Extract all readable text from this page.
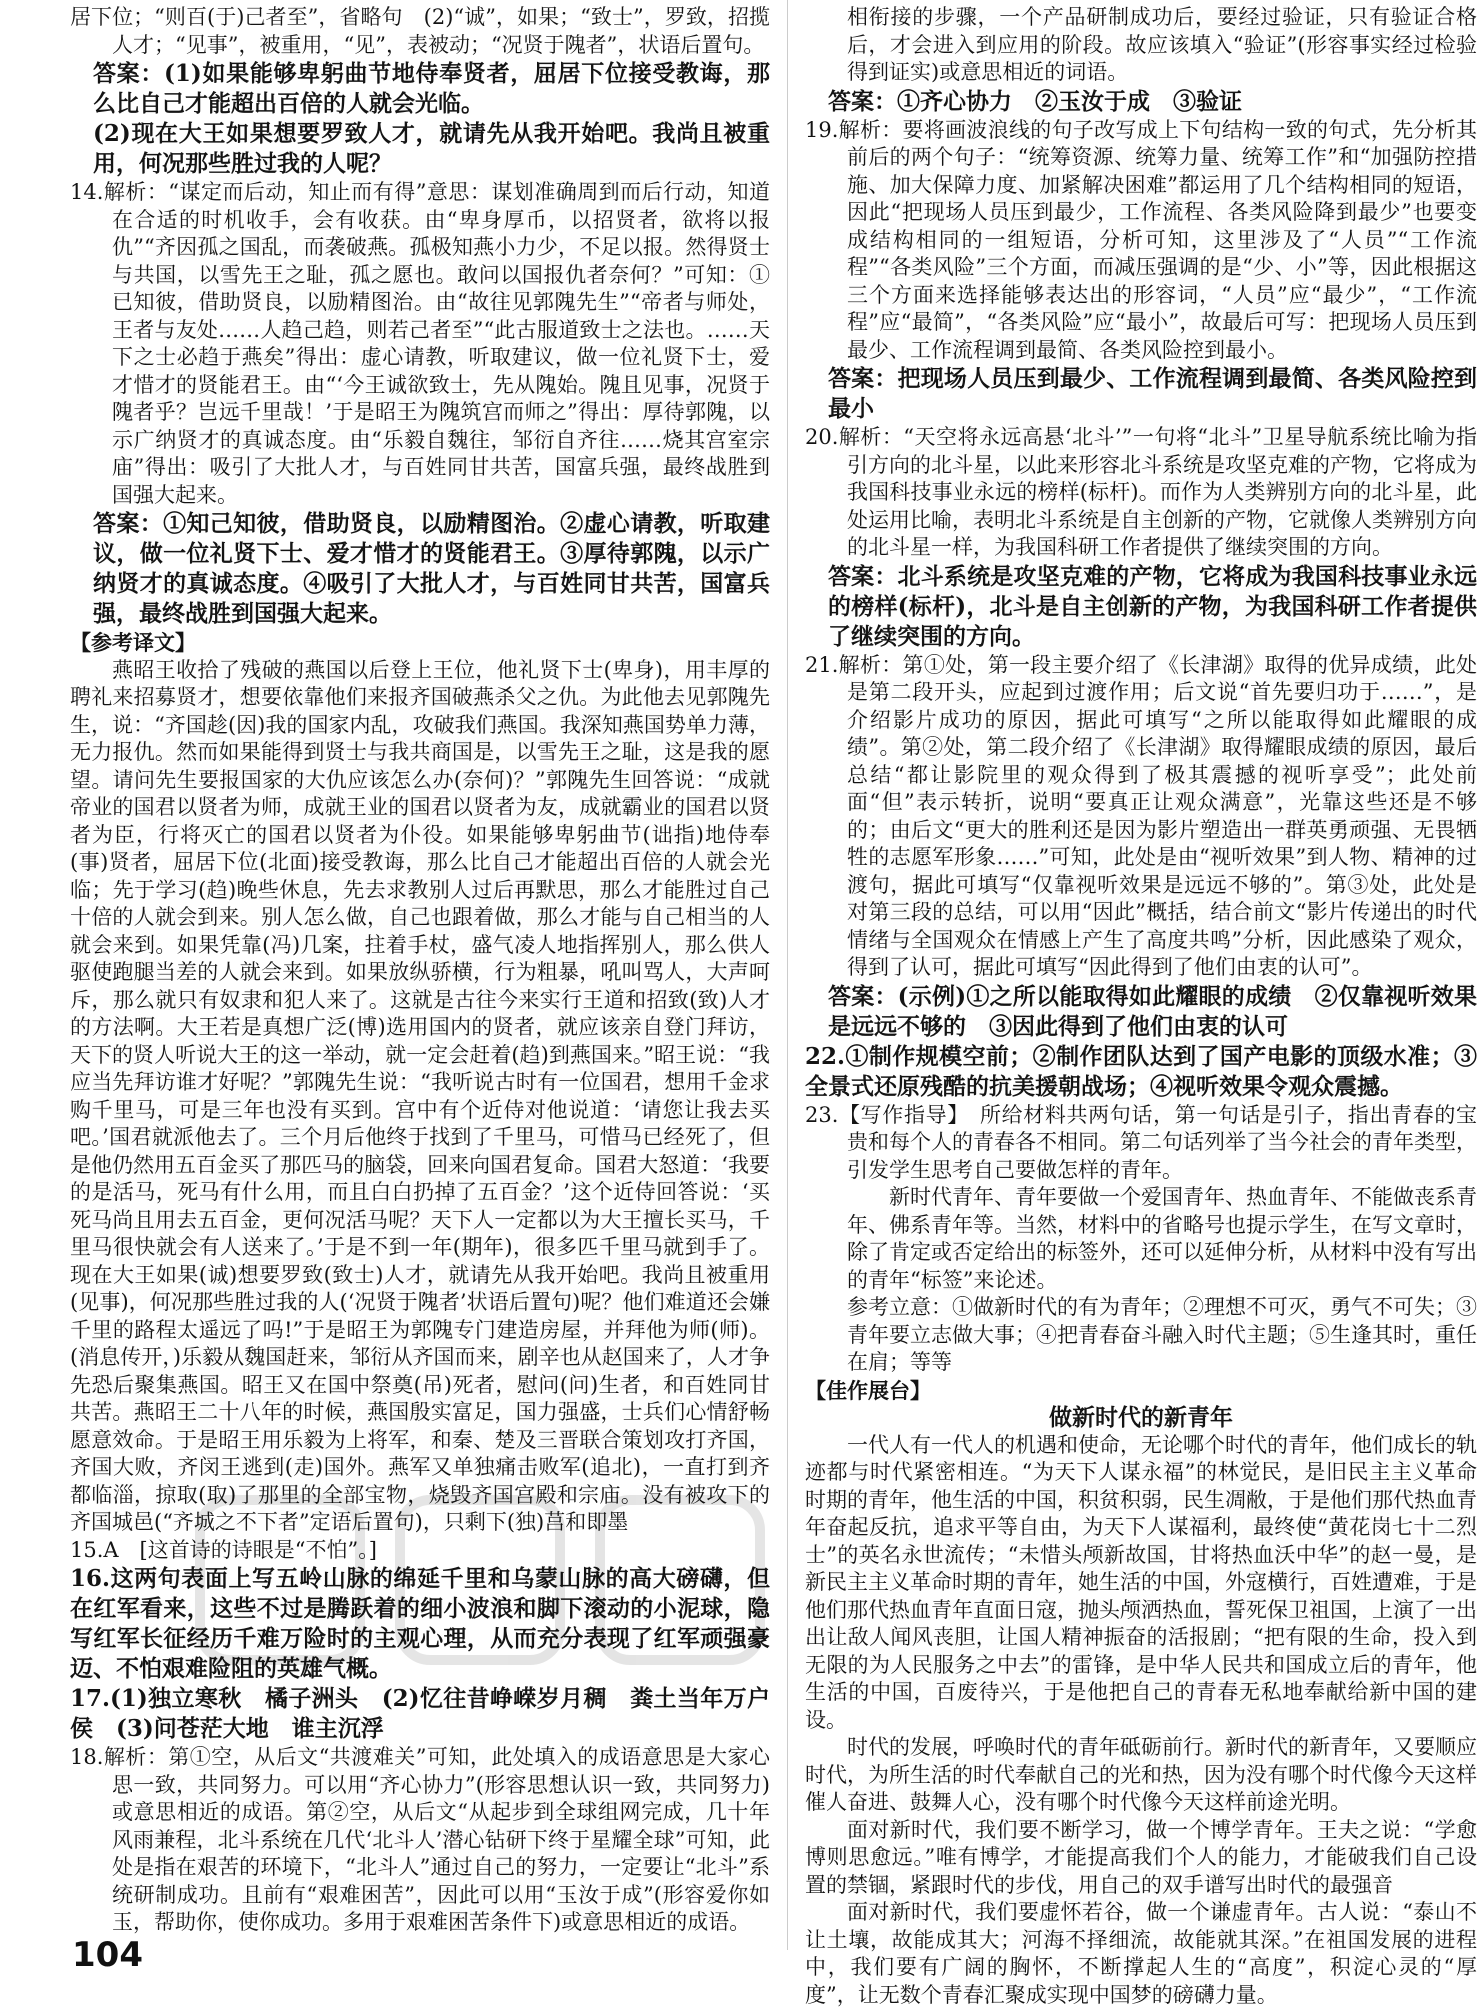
居下位；“则百(于)己者至”，省略句　(2)“诚”，如果；“致士”，罗致，招揽人才；“见事”，被重用，“见”，表被动；“况贤于隗者”，状语后置句。

答案：(1)如果能够卑躬曲节地侍奉贤者，屈居下位接受教诲，那么比自己才能超出百倍的人就会光临。

(2)现在大王如果想要罗致人才，就请先从我开始吧。我尚且被重用，何况那些胜过我的人呢？

14.解析：“谋定而后动，知止而有得”意思：谋划准确周到而后行动，知道在合适的时机收手，会有收获。由“卑身厚币，以招贤者，欲将以报仇”“齐因孤之国乱，而袭破燕。孤极知燕小力少，不足以报。然得贤士与共国，以雪先王之耻，孤之愿也。敢问以国报仇者奈何？”可知：①已知彼，借助贤良，以励精图治。由“故往见郭隗先生”“帝者与师处，王者与友处……人趋己趋，则若己者至”“此古服道致士之法也。……天下之士必趋于燕矣”得出：虚心请教，听取建议，做一位礼贤下士，爱才惜才的贤能君王。由“‘今王诚欲致士，先从隗始。隗且见事，况贤于隗者乎？岂远千里哉！’于是昭王为隗筑宫而师之”得出：厚待郭隗，以示广纳贤才的真诚态度。由“乐毅自魏往，邹衍自齐往……烧其宫室宗庙”得出：吸引了大批人才，与百姓同甘共苦，国富兵强，最终战胜到国强大起来。

答案：①知己知彼，借助贤良，以励精图治。②虚心请教，听取建议，做一位礼贤下士、爱才惜才的贤能君王。③厚待郭隗，以示广纳贤才的真诚态度。④吸引了大批人才，与百姓同甘共苦，国富兵强，最终战胜到国强大起来。

【参考译文】

燕昭王收拾了残破的燕国以后登上王位，他礼贤下士(卑身)，用丰厚的聘礼来招募贤才，想要依靠他们来报齐国破燕杀父之仇。为此他去见郭隗先生，说：“齐国趁(因)我的国家内乱，攻破我们燕国。我深知燕国势单力薄，无力报仇。然而如果能得到贤士与我共商国是，以雪先王之耻，这是我的愿望。请问先生要报国家的大仇应该怎么办(奈何)？”郭隗先生回答说：“成就帝业的国君以贤者为师，成就王业的国君以贤者为友，成就霸业的国君以贤者为臣，行将灭亡的国君以贤者为仆役。如果能够卑躬曲节(诎指)地侍奉(事)贤者，屈居下位(北面)接受教诲，那么比自己才能超出百倍的人就会光临；先于学习(趋)晚些休息，先去求教别人过后再默思，那么才能胜过自己十倍的人就会到来。别人怎么做，自己也跟着做，那么才能与自己相当的人就会来到。如果凭靠(冯)几案，拄着手杖，盛气凌人地指挥别人，那么供人驱使跑腿当差的人就会来到。如果放纵骄横，行为粗暴，吼叫骂人，大声呵斥，那么就只有奴隶和犯人来了。这就是古往今来实行王道和招致(致)人才的方法啊。大王若是真想广泛(博)选用国内的贤者，就应该亲自登门拜访，天下的贤人听说大王的这一举动，就一定会赶着(趋)到燕国来。”昭王说：“我应当先拜访谁才好呢？”郭隗先生说：“我听说古时有一位国君，想用千金求购千里马，可是三年也没有买到。宫中有个近侍对他说道：‘请您让我去买吧。’国君就派他去了。三个月后他终于找到了千里马，可惜马已经死了，但是他仍然用五百金买了那匹马的脑袋，回来向国君复命。国君大怒道：‘我要的是活马，死马有什么用，而且白白扔掉了五百金？’这个近侍回答说：‘买死马尚且用去五百金，更何况活马呢？天下人一定都以为大王擅长买马，千里马很快就会有人送来了。’于是不到一年(期年)，很多匹千里马就到手了。现在大王如果(诚)想要罗致(致士)人才，就请先从我开始吧。我尚且被重用(见事)，何况那些胜过我的人(‘况贤于隗者’状语后置句)呢？他们难道还会嫌千里的路程太遥远了吗!”于是昭王为郭隗专门建造房屋，并拜他为师(师)。(消息传开，)乐毅从魏国赶来，邹衍从齐国而来，剧辛也从赵国来了，人才争先恐后聚集燕国。昭王又在国中祭奠(吊)死者，慰问(问)生者，和百姓同甘共苦。燕昭王二十八年的时候，燕国殷实富足，国力强盛，士兵们心情舒畅愿意效命。于是昭王用乐毅为上将军，和秦、楚及三晋联合策划攻打齐国，齐国大败，齐闵王逃到(走)国外。燕军又单独痛击败军(追北)，一直打到齐都临淄，掠取(取)了那里的全部宝物，烧毁齐国宫殿和宗庙。没有被攻下的齐国城邑(“齐城之不下者”定语后置句)，只剩下(独)莒和即墨

15.A　[这首诗的诗眼是“不怕”。]

16.这两句表面上写五岭山脉的绵延千里和乌蒙山脉的高大磅礴，但在红军看来，这些不过是腾跃着的细小波浪和脚下滚动的小泥球，隐写红军长征经历千难万险时的主观心理，从而充分表现了红军顽强豪迈、不怕艰难险阻的英雄气概。

17.(1)独立寒秋　橘子洲头　(2)忆往昔峥嵘岁月稠　粪土当年万户侯　(3)问苍茫大地　谁主沉浮

18.解析：第①空，从后文“共渡难关”可知，此处填入的成语意思是大家心思一致，共同努力。可以用“齐心协力”(形容思想认识一致，共同努力)或意思相近的成语。第②空，从后文“从起步到全球组网完成，几十年风雨兼程，北斗系统在几代‘北斗人’潜心钻研下终于星耀全球”可知，此处是指在艰苦的环境下，“北斗人”通过自己的努力，一定要让“北斗”系统研制成功。且前有“艰难困苦”，因此可以用“玉汝于成”(形容爱你如玉，帮助你，使你成功。多用于艰难困苦条件下)或意思相近的成语。

相衔接的步骤，一个产品研制成功后，要经过验证，只有验证合格后，才会进入到应用的阶段。故应该填入“验证”(形容事实经过检验得到证实)或意思相近的词语。

答案：①齐心协力　②玉汝于成　③验证

19.解析：要将画波浪线的句子改写成上下句结构一致的句式，先分析其前后的两个句子：“统筹资源、统筹力量、统筹工作”和“加强防控措施、加大保障力度、加紧解决困难”都运用了几个结构相同的短语，因此“把现场人员压到最少，工作流程、各类风险降到最少”也要变成结构相同的一组短语，分析可知，这里涉及了“人员”“工作流程”“各类风险”三个方面，而减压强调的是“少、小”等，因此根据这三个方面来选择能够表达出的形容词，“人员”应“最少”，“工作流程”应“最简”，“各类风险”应“最小”，故最后可写：把现场人员压到最少、工作流程调到最简、各类风险控到最小。

答案：把现场人员压到最少、工作流程调到最简、各类风险控到最小

20.解析：“天空将永远高悬‘北斗’”一句将“北斗”卫星导航系统比喻为指引方向的北斗星，以此来形容北斗系统是攻坚克难的产物，它将成为我国科技事业永远的榜样(标杆)。而作为人类辨别方向的北斗星，此处运用比喻，表明北斗系统是自主创新的产物，它就像人类辨别方向的北斗星一样，为我国科研工作者提供了继续突围的方向。

答案：北斗系统是攻坚克难的产物，它将成为我国科技事业永远的榜样(标杆)，北斗是自主创新的产物，为我国科研工作者提供了继续突围的方向。

21.解析：第①处，第一段主要介绍了《长津湖》取得的优异成绩，此处是第二段开头，应起到过渡作用；后文说“首先要归功于……”，是介绍影片成功的原因，据此可填写“之所以能取得如此耀眼的成绩”。第②处，第二段介绍了《长津湖》取得耀眼成绩的原因，最后总结“都让影院里的观众得到了极其震撼的视听享受”；此处前面“但”表示转折，说明“要真正让观众满意”，光靠这些还是不够的；由后文“更大的胜利还是因为影片塑造出一群英勇顽强、无畏牺牲的志愿军形象……”可知，此处是由“视听效果”到人物、精神的过渡句，据此可填写“仅靠视听效果是远远不够的”。第③处，此处是对第三段的总结，可以用“因此”概括，结合前文“影片传递出的时代情绪与全国观众在情感上产生了高度共鸣”分析，因此感染了观众，得到了认可，据此可填写“因此得到了他们由衷的认可”。

答案：(示例)①之所以能取得如此耀眼的成绩　②仅靠视听效果是远远不够的　③因此得到了他们由衷的认可

22.①制作规模空前；②制作团队达到了国产电影的顶级水准；③全景式还原残酷的抗美援朝战场；④视听效果令观众震撼。

23.【写作指导】　所给材料共两句话，第一句话是引子，指出青春的宝贵和每个人的青春各不相同。第二句话列举了当今社会的青年类型，引发学生思考自己要做怎样的青年。

新时代青年、青年要做一个爱国青年、热血青年、不能做丧系青年、佛系青年等。当然，材料中的省略号也提示学生，在写文章时，除了肯定或否定给出的标签外，还可以延伸分析，从材料中没有写出的青年“标签”来论述。

参考立意：①做新时代的有为青年；②理想不可灭，勇气不可失；③青年要立志做大事；④把青春奋斗融入时代主题；⑤生逢其时，重任在肩；等等

【佳作展台】

做新时代的新青年

一代人有一代人的机遇和使命，无论哪个时代的青年，他们成长的轨迹都与时代紧密相连。“为天下人谋永福”的林觉民，是旧民主主义革命时期的青年，他生活的中国，积贫积弱，民生凋敝，于是他们那代热血青年奋起反抗，追求平等自由，为天下人谋福利，最终使“黄花岗七十二烈士”的英名永世流传；“未惜头颅新故国，甘将热血沃中华”的赵一曼，是新民主主义革命时期的青年，她生活的中国，外寇横行，百姓遭难，于是他们那代热血青年直面日寇，抛头颅洒热血，誓死保卫祖国，上演了一出出让敌人闻风丧胆，让国人精神振奋的活报剧；“把有限的生命，投入到无限的为人民服务之中去”的雷锋，是中华人民共和国成立后的青年，他生活的中国，百废待兴，于是他把自己的青春无私地奉献给新中国的建设。

时代的发展，呼唤时代的青年砥砺前行。新时代的新青年，又要顺应时代，为所生活的时代奉献自己的光和热，因为没有哪个时代像今天这样催人奋进、鼓舞人心，没有哪个时代像今天这样前途光明。

面对新时代，我们要不断学习，做一个博学青年。王夫之说：“学愈博则思愈远。”唯有博学，才能提高我们个人的能力，才能破我们自己设置的禁锢，紧跟时代的步伐，用自己的双手谱写出时代的最强音

面对新时代，我们要虚怀若谷，做一个谦虚青年。古人说：“泰山不让土壤，故能成其大；河海不择细流，故能就其深。”在祖国发展的进程中，我们要有广阔的胸怀，不断撑起人生的“高度”，积淀心灵的“厚度”，让无数个青春汇聚成实现中国梦的磅礴力量。

104
